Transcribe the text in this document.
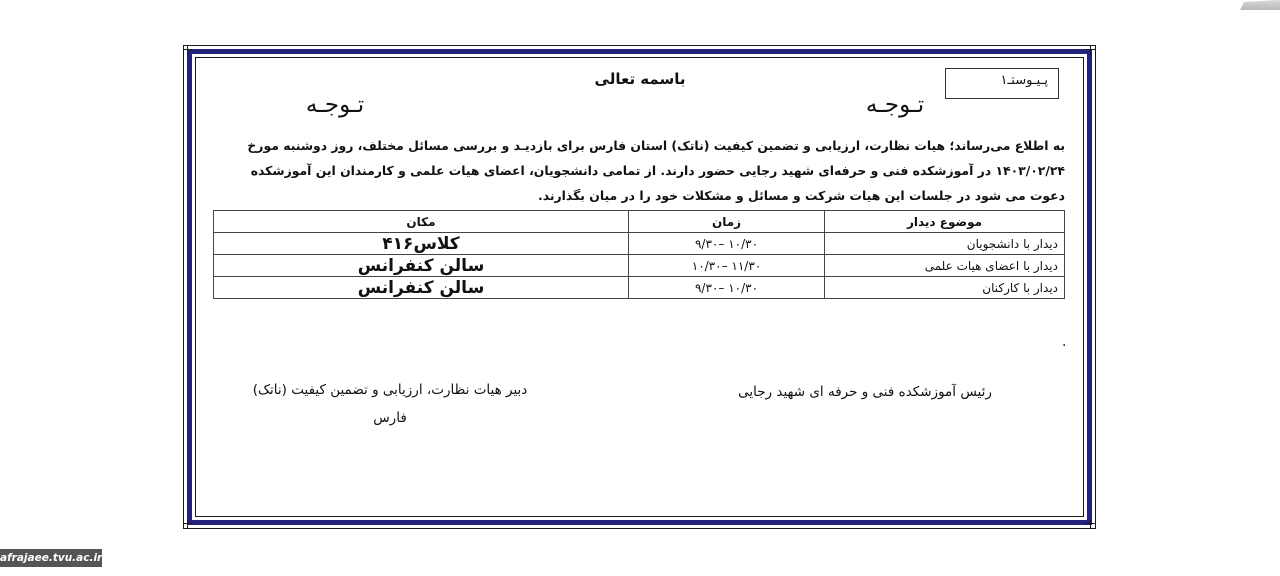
پـیـوستـ۱
باسمه تعالی
تـوجـه
تـوجـه

به اطلاع می‌رساند؛ هیات نظارت، ارزیابی و تضمین کیفیت (ناتک) استان فارس برای بازدیـد و بررسی مسائل مختلف، روز دوشنبه مورخ

۱۴۰۳/۰۲/۲۴ در آموزشکده فنی و حرفه‌ای شهید رجایی حضور دارند. از تمامی دانشجویان، اعضای هیات علمی و کارمندان این آموزشکده

دعوت می شود در جلسات این هیات شرکت و مسائل و مشکلات خود را در میان بگذارند.

موضوع دیدار	زمان	مکان
دیدار با دانشجویان	۱۰/۳۰ –۹/۳۰	کلاس۴۱۶
دیدار با اعضای هیات علمی	۱۱/۳۰ –۱۰/۳۰	سالن کنفرانس
دیدار با کارکنان	۱۰/۳۰ –۹/۳۰	سالن کنفرانس
.
رئیس آموزشکده فنی و حرفه ای شهید رجایی
دبیر هیات نظارت، ارزیابی و تضمین کیفیت (ناتک)
فارس
afrajaee.tvu.ac.ir
